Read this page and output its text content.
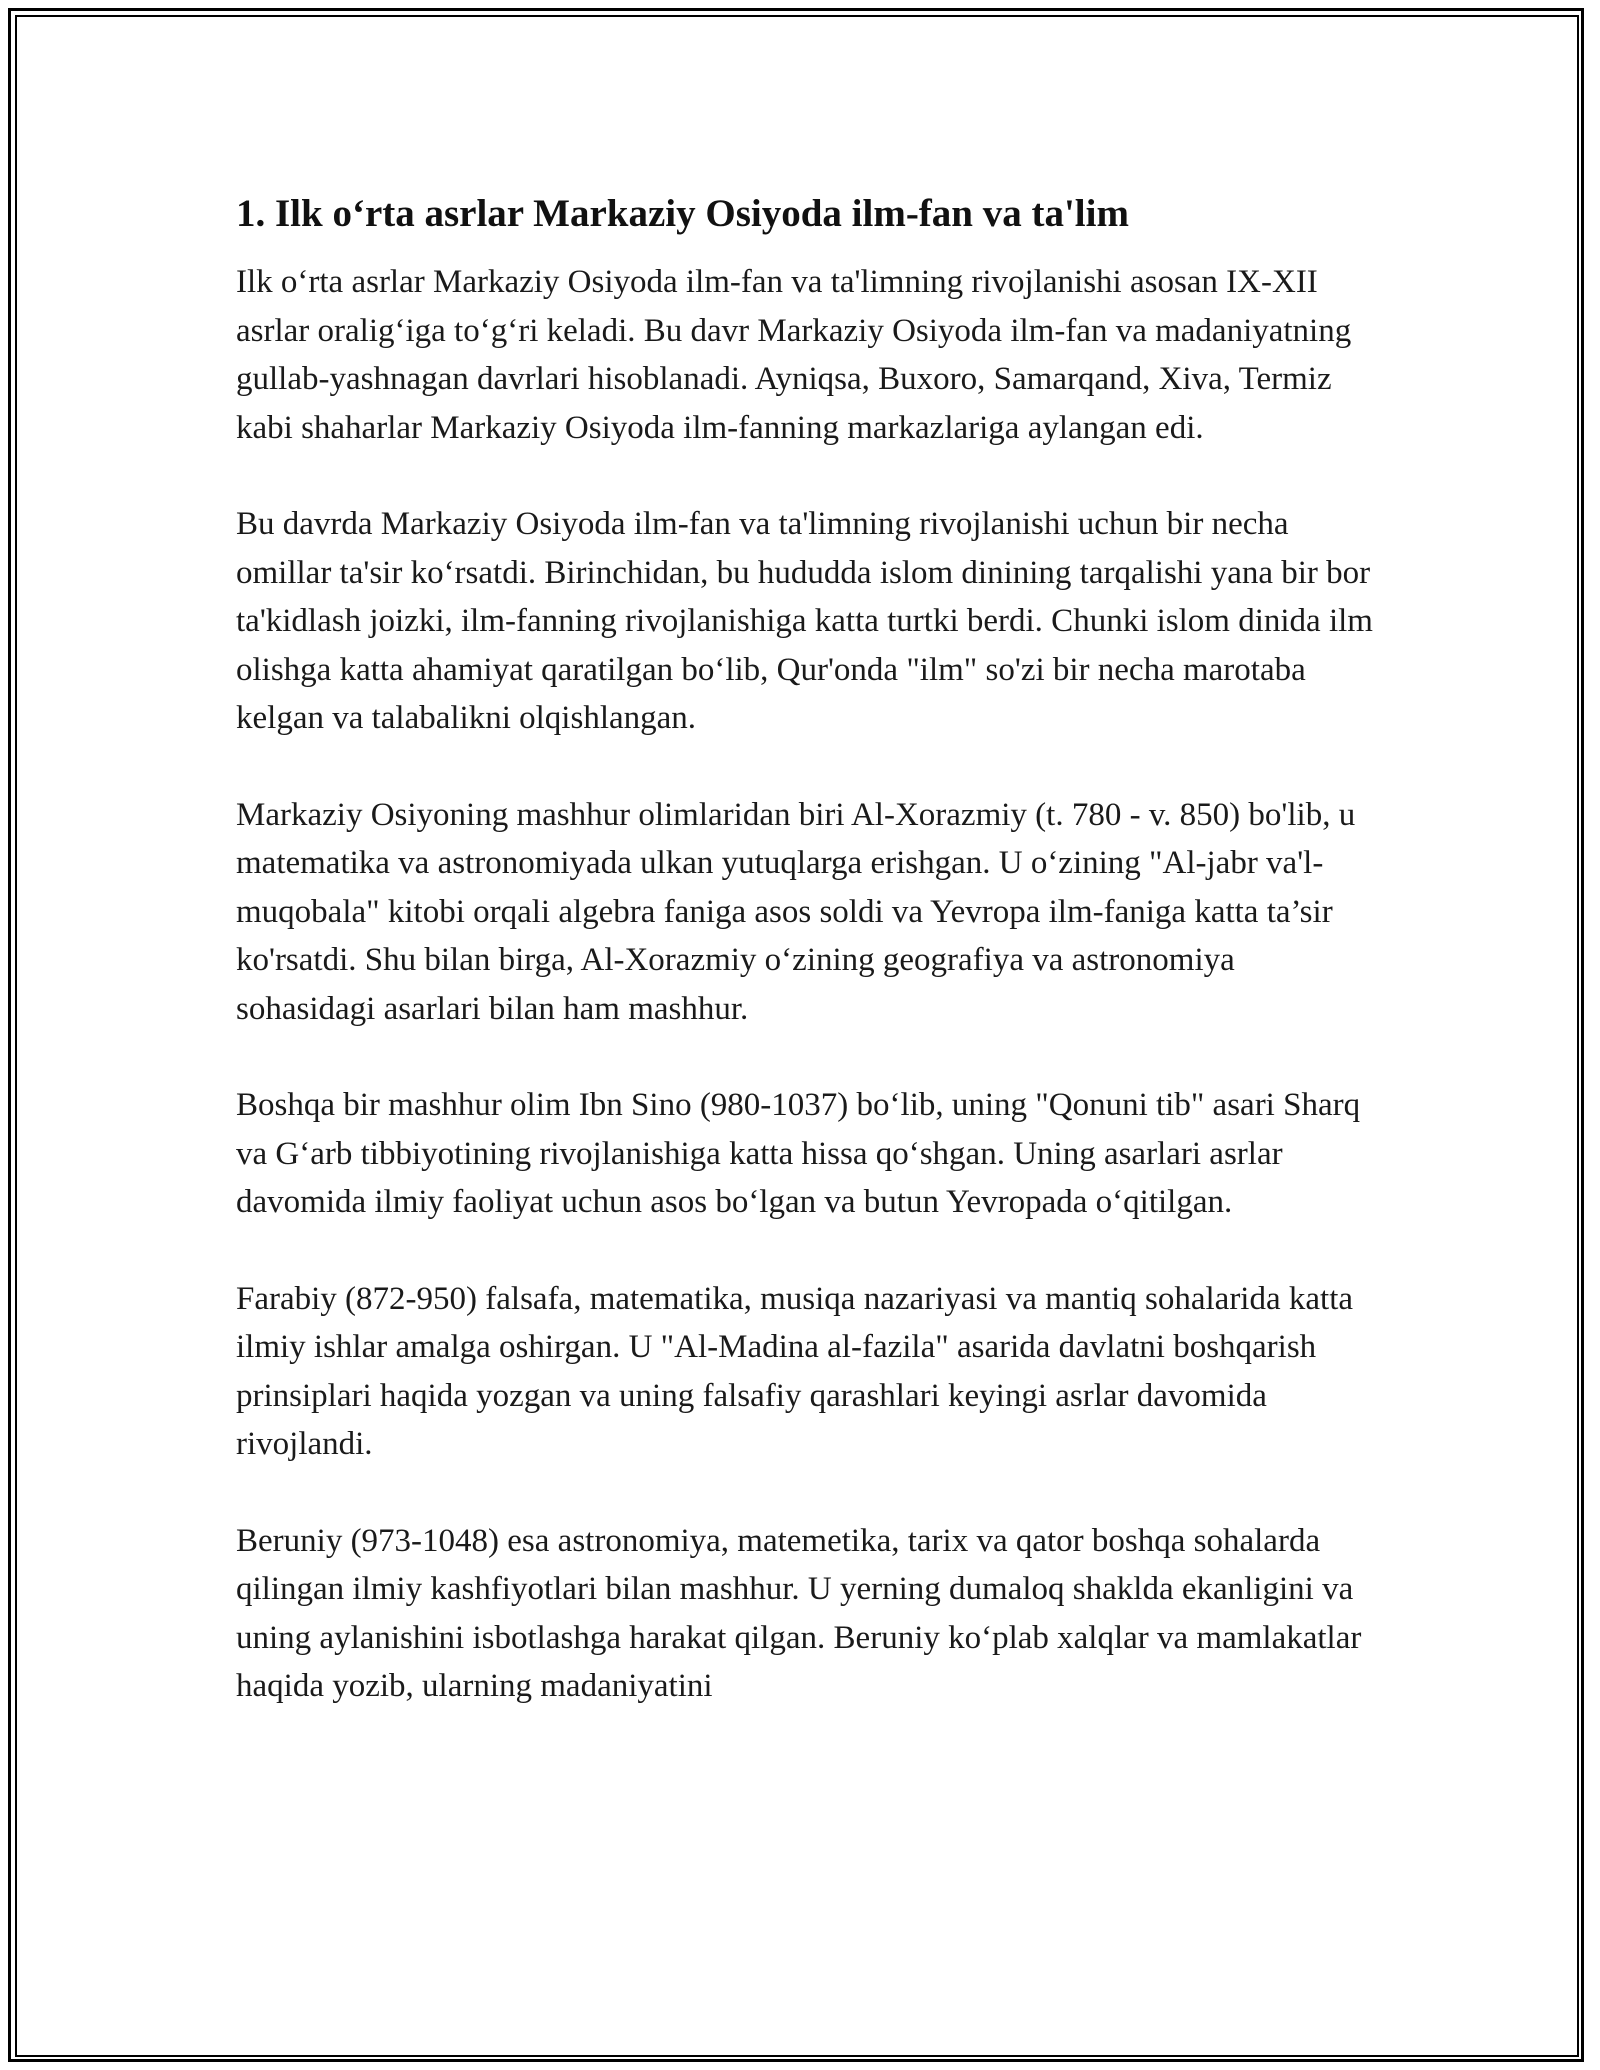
1. Ilk o‘rta asrlar Markaziy Osiyoda ilm-fan va ta'lim

Ilk o‘rta asrlar Markaziy Osiyoda ilm-fan va ta'limning rivojlanishi asosan IX-XII asrlar oralig‘iga to‘g‘ri keladi. Bu davr Markaziy Osiyoda ilm-fan va madaniyatning gullab-yashnagan davrlari hisoblanadi. Ayniqsa, Buxoro, Samarqand, Xiva, Termiz kabi shaharlar Markaziy Osiyoda ilm-fanning markazlariga aylangan edi.

Bu davrda Markaziy Osiyoda ilm-fan va ta'limning rivojlanishi uchun bir necha omillar ta'sir ko‘rsatdi. Birinchidan, bu hududda islom dinining tarqalishi yana bir bor ta'kidlash joizki, ilm-fanning rivojlanishiga katta turtki berdi. Chunki islom dinida ilm olishga katta ahamiyat qaratilgan bo‘lib, Qur'onda "ilm" so'zi bir necha marotaba kelgan va talabalikni olqishlangan.

Markaziy Osiyoning mashhur olimlaridan biri Al-Xorazmiy (t. 780 - v. 850) bo'lib, u matematika va astronomiyada ulkan yutuqlarga erishgan. U o‘zining "Al-jabr va'l-muqobala" kitobi orqali algebra faniga asos soldi va Yevropa ilm-faniga katta ta’sir ko'rsatdi. Shu bilan birga, Al-Xorazmiy o‘zining geografiya va astronomiya sohasidagi asarlari bilan ham mashhur.

Boshqa bir mashhur olim Ibn Sino (980-1037) bo‘lib, uning "Qonuni tib" asari Sharq va G‘arb tibbiyotining rivojlanishiga katta hissa qo‘shgan. Uning asarlari asrlar davomida ilmiy faoliyat uchun asos bo‘lgan va butun Yevropada o‘qitilgan.

Farabiy (872-950) falsafa, matematika, musiqa nazariyasi va mantiq sohalarida katta ilmiy ishlar amalga oshirgan. U "Al-Madina al-fazila" asarida davlatni boshqarish prinsiplari haqida yozgan va uning falsafiy qarashlari keyingi asrlar davomida rivojlandi.

Beruniy (973-1048) esa astronomiya, matemetika, tarix va qator boshqa sohalarda qilingan ilmiy kashfiyotlari bilan mashhur. U yerning dumaloq shaklda ekanligini va uning aylanishini isbotlashga harakat qilgan. Beruniy ko‘plab xalqlar va mamlakatlar haqida yozib, ularning madaniyatini
